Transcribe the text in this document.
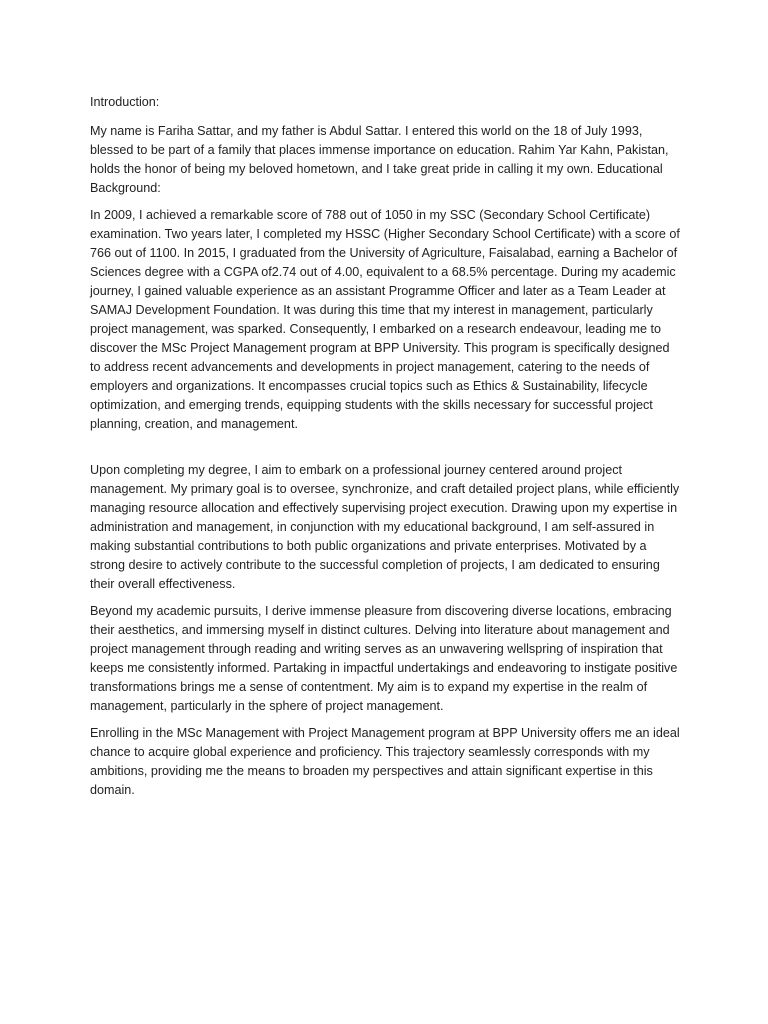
Introduction:

My name is Fariha Sattar, and my father is Abdul Sattar. I entered this world on the 18 of July 1993, blessed to be part of a family that places immense importance on education. Rahim Yar Kahn, Pakistan, holds the honor of being my beloved hometown, and I take great pride in calling it my own. Educational Background:

In 2009, I achieved a remarkable score of 788 out of 1050 in my SSC (Secondary School Certificate) examination. Two years later, I completed my HSSC (Higher Secondary School Certificate) with a score of 766 out of 1100. In 2015, I graduated from the University of Agriculture, Faisalabad, earning a Bachelor of Sciences degree with a CGPA of2.74 out of 4.00, equivalent to a 68.5% percentage. During my academic journey, I gained valuable experience as an assistant Programme Officer and later as a Team Leader at SAMAJ Development Foundation. It was during this time that my interest in management, particularly project management, was sparked. Consequently, I embarked on a research endeavour, leading me to discover the MSc Project Management program at BPP University. This program is specifically designed to address recent advancements and developments in project management, catering to the needs of employers and organizations. It encompasses crucial topics such as Ethics & Sustainability, lifecycle optimization, and emerging trends, equipping students with the skills necessary for successful project planning, creation, and management.

Upon completing my degree, I aim to embark on a professional journey centered around project management. My primary goal is to oversee, synchronize, and craft detailed project plans, while efficiently managing resource allocation and effectively supervising project execution. Drawing upon my expertise in administration and management, in conjunction with my educational background, I am self-assured in making substantial contributions to both public organizations and private enterprises. Motivated by a strong desire to actively contribute to the successful completion of projects, I am dedicated to ensuring their overall effectiveness.

Beyond my academic pursuits, I derive immense pleasure from discovering diverse locations, embracing their aesthetics, and immersing myself in distinct cultures. Delving into literature about management and project management through reading and writing serves as an unwavering wellspring of inspiration that keeps me consistently informed. Partaking in impactful undertakings and endeavoring to instigate positive transformations brings me a sense of contentment. My aim is to expand my expertise in the realm of management, particularly in the sphere of project management.

Enrolling in the MSc Management with Project Management program at BPP University offers me an ideal chance to acquire global experience and proficiency. This trajectory seamlessly corresponds with my ambitions, providing me the means to broaden my perspectives and attain significant expertise in this domain.
